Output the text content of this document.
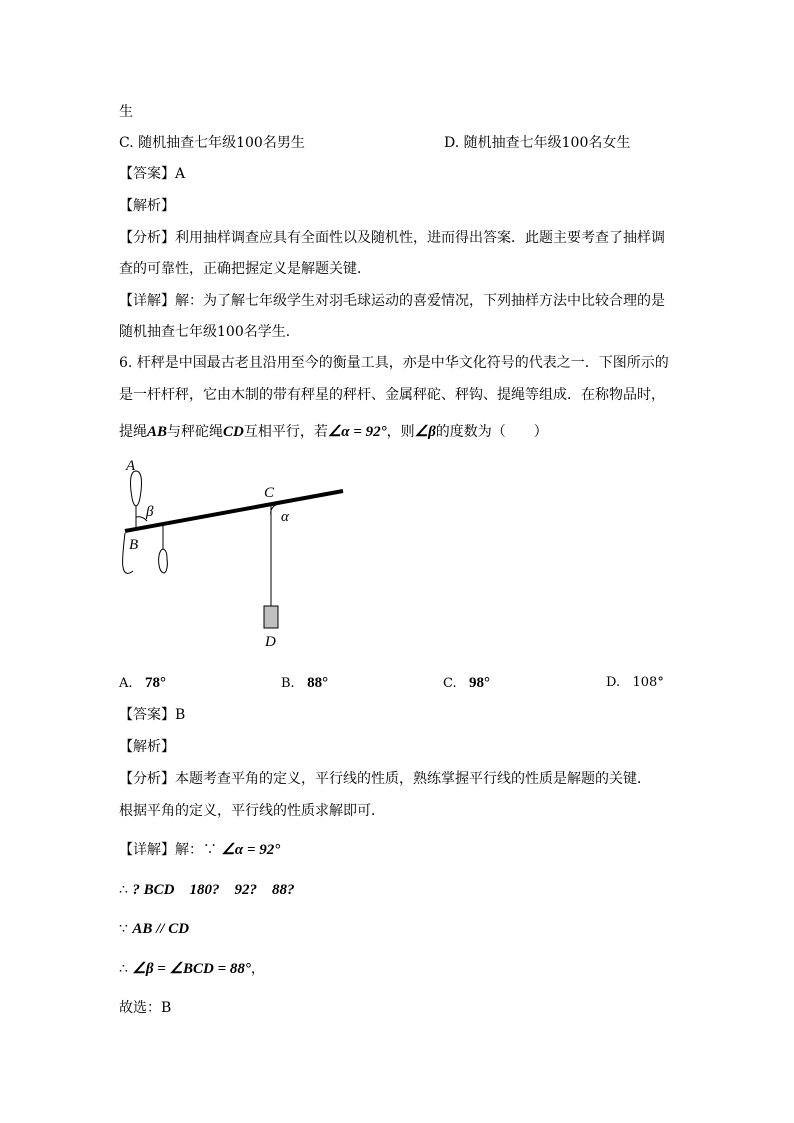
生
C. 随机抽查七年级100名男生	D. 随机抽查七年级100名女生
【答案】A
【解析】
【分析】利用抽样调查应具有全面性以及随机性，进而得出答案．此题主要考查了抽样调
查的可靠性，正确把握定义是解题关键．
【详解】解：为了解七年级学生对羽毛球运动的喜爱情况，下列抽样方法中比较合理的是
随机抽查七年级100名学生．
6. 杆秤是中国最古老且沿用至今的衡量工具，亦是中华文化符号的代表之一．下图所示的
是一杆杆秤，它由木制的带有秤星的秤杆、金属秤砣、秤钩、提绳等组成．在称物品时，
提绳AB与秤砣绳CD互相平行，若∠α = 92°，则∠β的度数为（　　）
A
β
B
C
α
D
A. 78°	B. 88°	C. 98°	D. 108°
【答案】B
【解析】
【分析】本题考查平角的定义，平行线的性质，熟练掌握平行线的性质是解题的关键．
根据平角的定义，平行线的性质求解即可．
【详解】解：∵ ∠α = 92°
∴ ? BCD　180?　92?　88?
∵ AB // CD
∴ ∠β = ∠BCD = 88°，
故选：B
